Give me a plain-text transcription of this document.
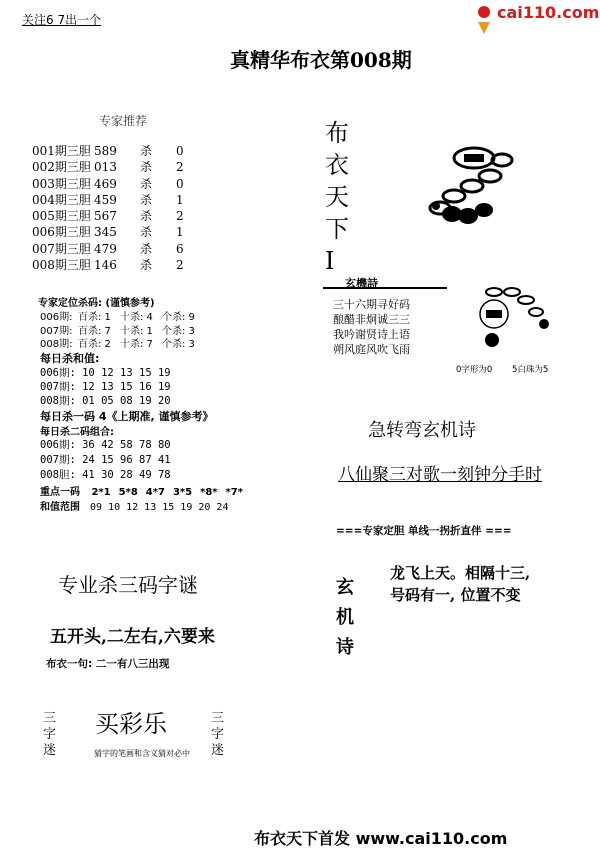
关注6 7出一个	cai110.com
真精华布衣第008期
专家推荐
001期三胆 589 杀 0
002期三胆 013 杀 2
003期三胆 469 杀 0
004期三胆 459 杀 1
005期三胆 567 杀 2
006期三胆 345 杀 1
007期三胆 479 杀 6
008期三胆 146 杀 2
专家定位杀码: (谨慎参考)
006期: 百杀: 1 十杀: 4 个杀: 9
007期: 百杀: 7 十杀: 1 个杀: 3
008期: 百杀: 2 十杀: 7 个杀: 3
每日杀和值:
006期: 10 12 13 15 19
007期: 12 13 15 16 19
008期: 01 05 08 19 20
每日杀一码 4《上期准, 谨慎参考》
每日杀二码组合:
006期: 36 42 58 78 80
007期: 24 15 96 87 41
008胆: 41 30 28 49 78
重点一码 2*1 5*8 4*7 3*5 *8* *7*
和值范围 09 10 12 13 15 19 20 24
布
衣
天
下
I
玄機詩
三十六期寻好码
酿醋非炯诚三三
我吟谢贤诗上语
朔风庭风吹飞雨
0字形为0 5白珠为5
急转弯玄机诗
八仙聚三对歌一刻钟分手时
===专家定胆 单线一拐折直伴 ===
玄
机
诗
龙飞上天。相隔十三,
号码有一, 位置不变
专业杀三码字谜
五开头,二左右,六要来
布衣一句: 二一有八三出现
买彩乐
猜字的笔画和含义猜对必中
三
字
迷
三
字
迷
布衣天下首发 www.cai110.com
